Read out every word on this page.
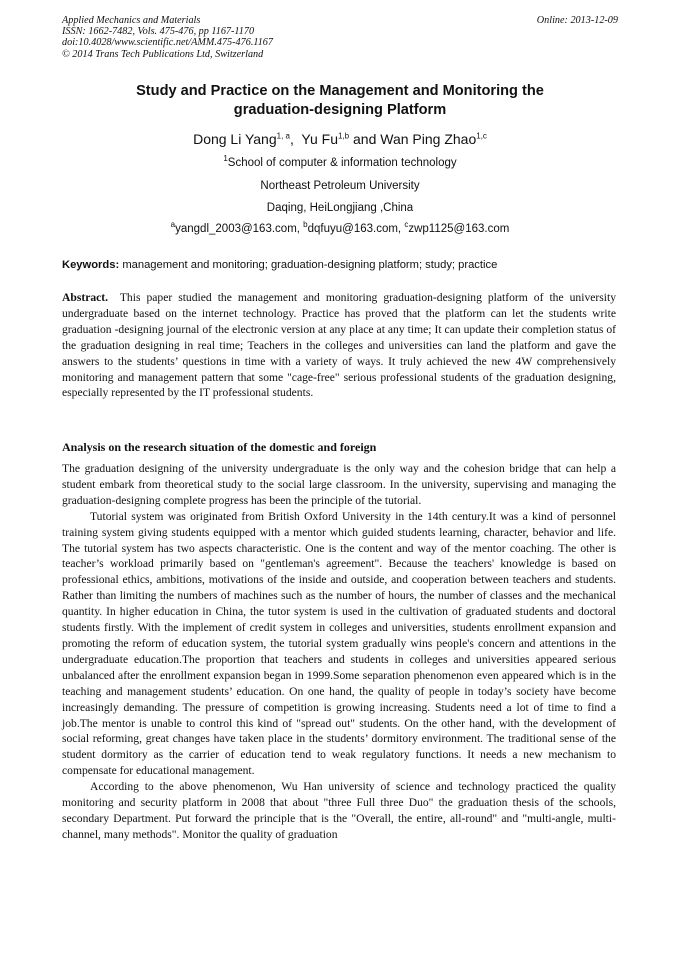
Applied Mechanics and Materials
ISSN: 1662-7482, Vols. 475-476, pp 1167-1170
doi:10.4028/www.scientific.net/AMM.475-476.1167
© 2014 Trans Tech Publications Ltd, Switzerland
Online: 2013-12-09
Study and Practice on the Management and Monitoring the
graduation-designing Platform
Dong Li Yang$^{1, a}$,  Yu Fu$^{1,b}$ and Wan Ping Zhao$^{1,c}$
$^1$School of computer & information technology
Northeast Petroleum University
Daqing, HeiLongjiang ,China
$^a$yangdl_2003@163.com, $^b$dqfuyu@163.com, $^c$zwp1125@163.com
Keywords: management and monitoring; graduation-designing platform; study; practice

Abstract. This paper studied the management and monitoring graduation-designing platform of the university undergraduate based on the internet technology. Practice has proved that the platform can let the students write graduation -designing journal of the electronic version at any place at any time; It can update their completion status of the graduation designing in real time; Teachers in the colleges and universities can land the platform and gave the answers to the students’ questions in time with a variety of ways. It truly achieved the new 4W comprehensively monitoring and management pattern that some "cage-free" serious professional students of the graduation designing, especially represented by the IT professional students.

Analysis on the research situation of the domestic and foreign

The graduation designing of the university undergraduate is the only way and the cohesion bridge that can help a student embark from theoretical study to the social large classroom. In the university, supervising and managing the graduation-designing complete progress has been the principle of the tutorial.

Tutorial system was originated from British Oxford University in the 14th century.It was a kind of personnel training system giving students equipped with a mentor which guided students learning, character, behavior and life. The tutorial system has two aspects characteristic. One is the content and way of the mentor coaching. The other is teacher’s workload primarily based on "gentleman's agreement". Because the teachers' knowledge is based on professional ethics, ambitions, motivations of the inside and outside, and cooperation between teachers and students. Rather than limiting the numbers of machines such as the number of hours, the number of classes and the mechanical quantity. In higher education in China, the tutor system is used in the cultivation of graduated students and doctoral students firstly. With the implement of credit system in colleges and universities, students enrollment expansion and promoting the reform of education system, the tutorial system gradually wins people's concern and attentions in the undergraduate education.The proportion that teachers and students in colleges and universities appeared serious unbalanced after the enrollment expansion began in 1999.Some separation phenomenon even appeared which is in the teaching and management students’ education. On one hand, the quality of people in today’s society have become increasingly demanding. The pressure of competition is growing increasing. Students need a lot of time to find a job.The mentor is unable to control this kind of "spread out" students. On the other hand, with the development of social reforming, great changes have taken place in the students’ dormitory environment. The traditional sense of the student dormitory as the carrier of education tend to weak regulatory functions. It needs a new mechanism to compensate for educational management.

According to the above phenomenon, Wu Han university of science and technology practiced the quality monitoring and security platform in 2008 that about "three Full three Duo" the graduation thesis of the schools, secondary Department. Put forward the principle that is the "Overall, the entire, all-round" and "multi-angle, multi-channel, many methods". Monitor the quality of graduation
